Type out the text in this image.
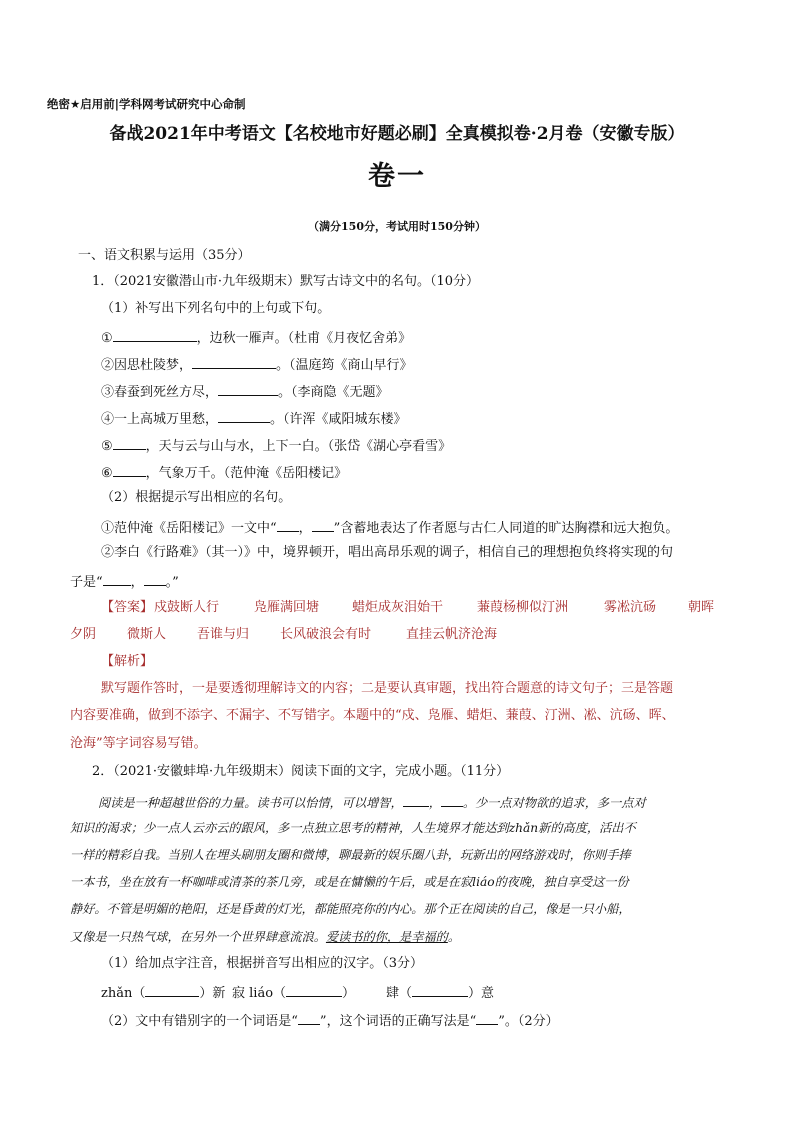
绝密★启用前|学科网考试研究中心命制
备战2021年中考语文【名校地市好题必刷】全真模拟卷·2月卷（安徽专版）
卷一
（满分150分，考试用时150分钟）
一、语文积累与运用（35分）
1．（2021安徽潜山市·九年级期末）默写古诗文中的名句。（10分）
（1）补写出下列名句中的上句或下句。
①	，边秋一雁声。（杜甫《月夜忆舍弟》
②因思杜陵梦，	。（温庭筠《商山早行》
③春蚕到死丝方尽，	。（李商隐《无题》
④一上高城万里愁，	。（许浑《咸阳城东楼》
⑤	，天与云与山与水，上下一白。（张岱《湖心亭看雪》
⑥	，气象万千。（范仲淹《岳阳楼记》
（2）根据提示写出相应的名句。
①范仲淹《岳阳楼记》一文中“ ， ”含蓄地表达了作者愿与古仁人同道的旷达胸襟和远大抱负。
②李白《行路难》（其一）》中，境界顿开，唱出高昂乐观的调子，相信自己的理想抱负终将实现的句
子是“ ， 。”
【答案】 戍鼓断人行	凫雁满回塘	蜡炬成灰泪始干	蒹葭杨柳似汀洲	雾凇沆砀 朝晖
夕阴 微斯人 吾谁与归 长风破浪会有时	直挂云帆济沧海
【解析】
默写题作答时，一是要透彻理解诗文的内容；二是要认真审题，找出符合题意的诗文句子；三是答题
内容要准确，做到不添字、不漏字、不写错字。本题中的“戍、凫雁、蜡炬、蒹葭、汀洲、凇、沆砀、晖、
沧海”等字词容易写错。
2．（2021·安徽蚌埠·九年级期末）阅读下面的文字，完成小题。（11分）
阅读是一种超越世俗的力量。读书可以怡情，可以增智， ， 。少一点对物欲的追求，多一点对
知识的渴求；少一点人云亦云的跟风，多一点独立思考的精神，人生境界才能达到zhǎn新的高度，活出不
一样的精彩自我。当别人在埋头刷朋友圈和微博，聊最新的娱乐圈八卦，玩新出的网络游戏时，你则手捧
一本书，坐在放有一杯咖啡或清茶的茶几旁，或是在慵懒的午后，或是在寂liáo的夜晚，独自享受这一份
静好。不管是明媚的艳阳，还是昏黄的灯光，都能照亮你的内心。那个正在阅读的自己，像是一只小船，
又像是一只热气球，在另外一个世界肆意流浪。爱读书的你，是幸福的。
（1）给加点字注音，根据拼音写出相应的汉字。（3分）
zhǎn（	）新 寂 liáo（	） 肆（	）意
（2）文中有错别字的一个词语是“ ”，这个词语的正确写法是“ ”。（2分）
